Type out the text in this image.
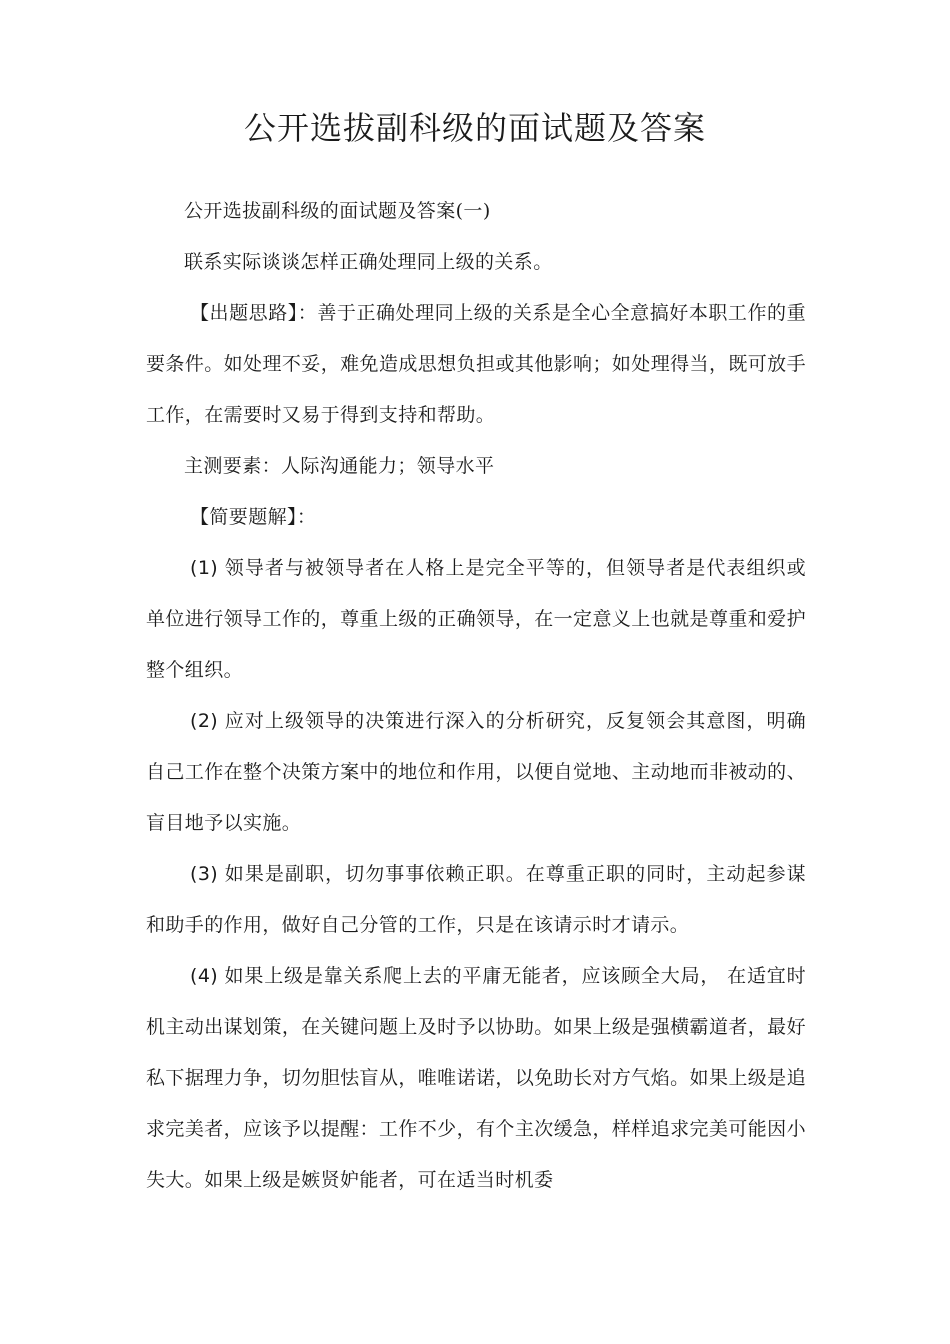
公开选拔副科级的面试题及答案

公开选拔副科级的面试题及答案(一)

联系实际谈谈怎样正确处理同上级的关系。

【出题思路】：善于正确处理同上级的关系是全心全意搞好本职工作的重要条件。如处理不妥，难免造成思想负担或其他影响；如处理得当，既可放手工作，在需要时又易于得到支持和帮助。

主测要素：人际沟通能力；领导水平

【简要题解】：

(1) 领导者与被领导者在人格上是完全平等的，但领导者是代表组织或单位进行领导工作的，尊重上级的正确领导，在一定意义上也就是尊重和爱护整个组织。

(2) 应对上级领导的决策进行深入的分析研究，反复领会其意图，明确自己工作在整个决策方案中的地位和作用，以便自觉地、主动地而非被动的、盲目地予以实施。

(3) 如果是副职，切勿事事依赖正职。在尊重正职的同时，主动起参谋和助手的作用，做好自己分管的工作，只是在该请示时才请示。

(4) 如果上级是靠关系爬上去的平庸无能者，应该顾全大局， 在适宜时机主动出谋划策，在关键问题上及时予以协助。如果上级是强横霸道者，最好私下据理力争，切勿胆怯盲从，唯唯诺诺，以免助长对方气焰。如果上级是追求完美者，应该予以提醒：工作不少，有个主次缓急，样样追求完美可能因小失大。如果上级是嫉贤妒能者，可在适当时机委
